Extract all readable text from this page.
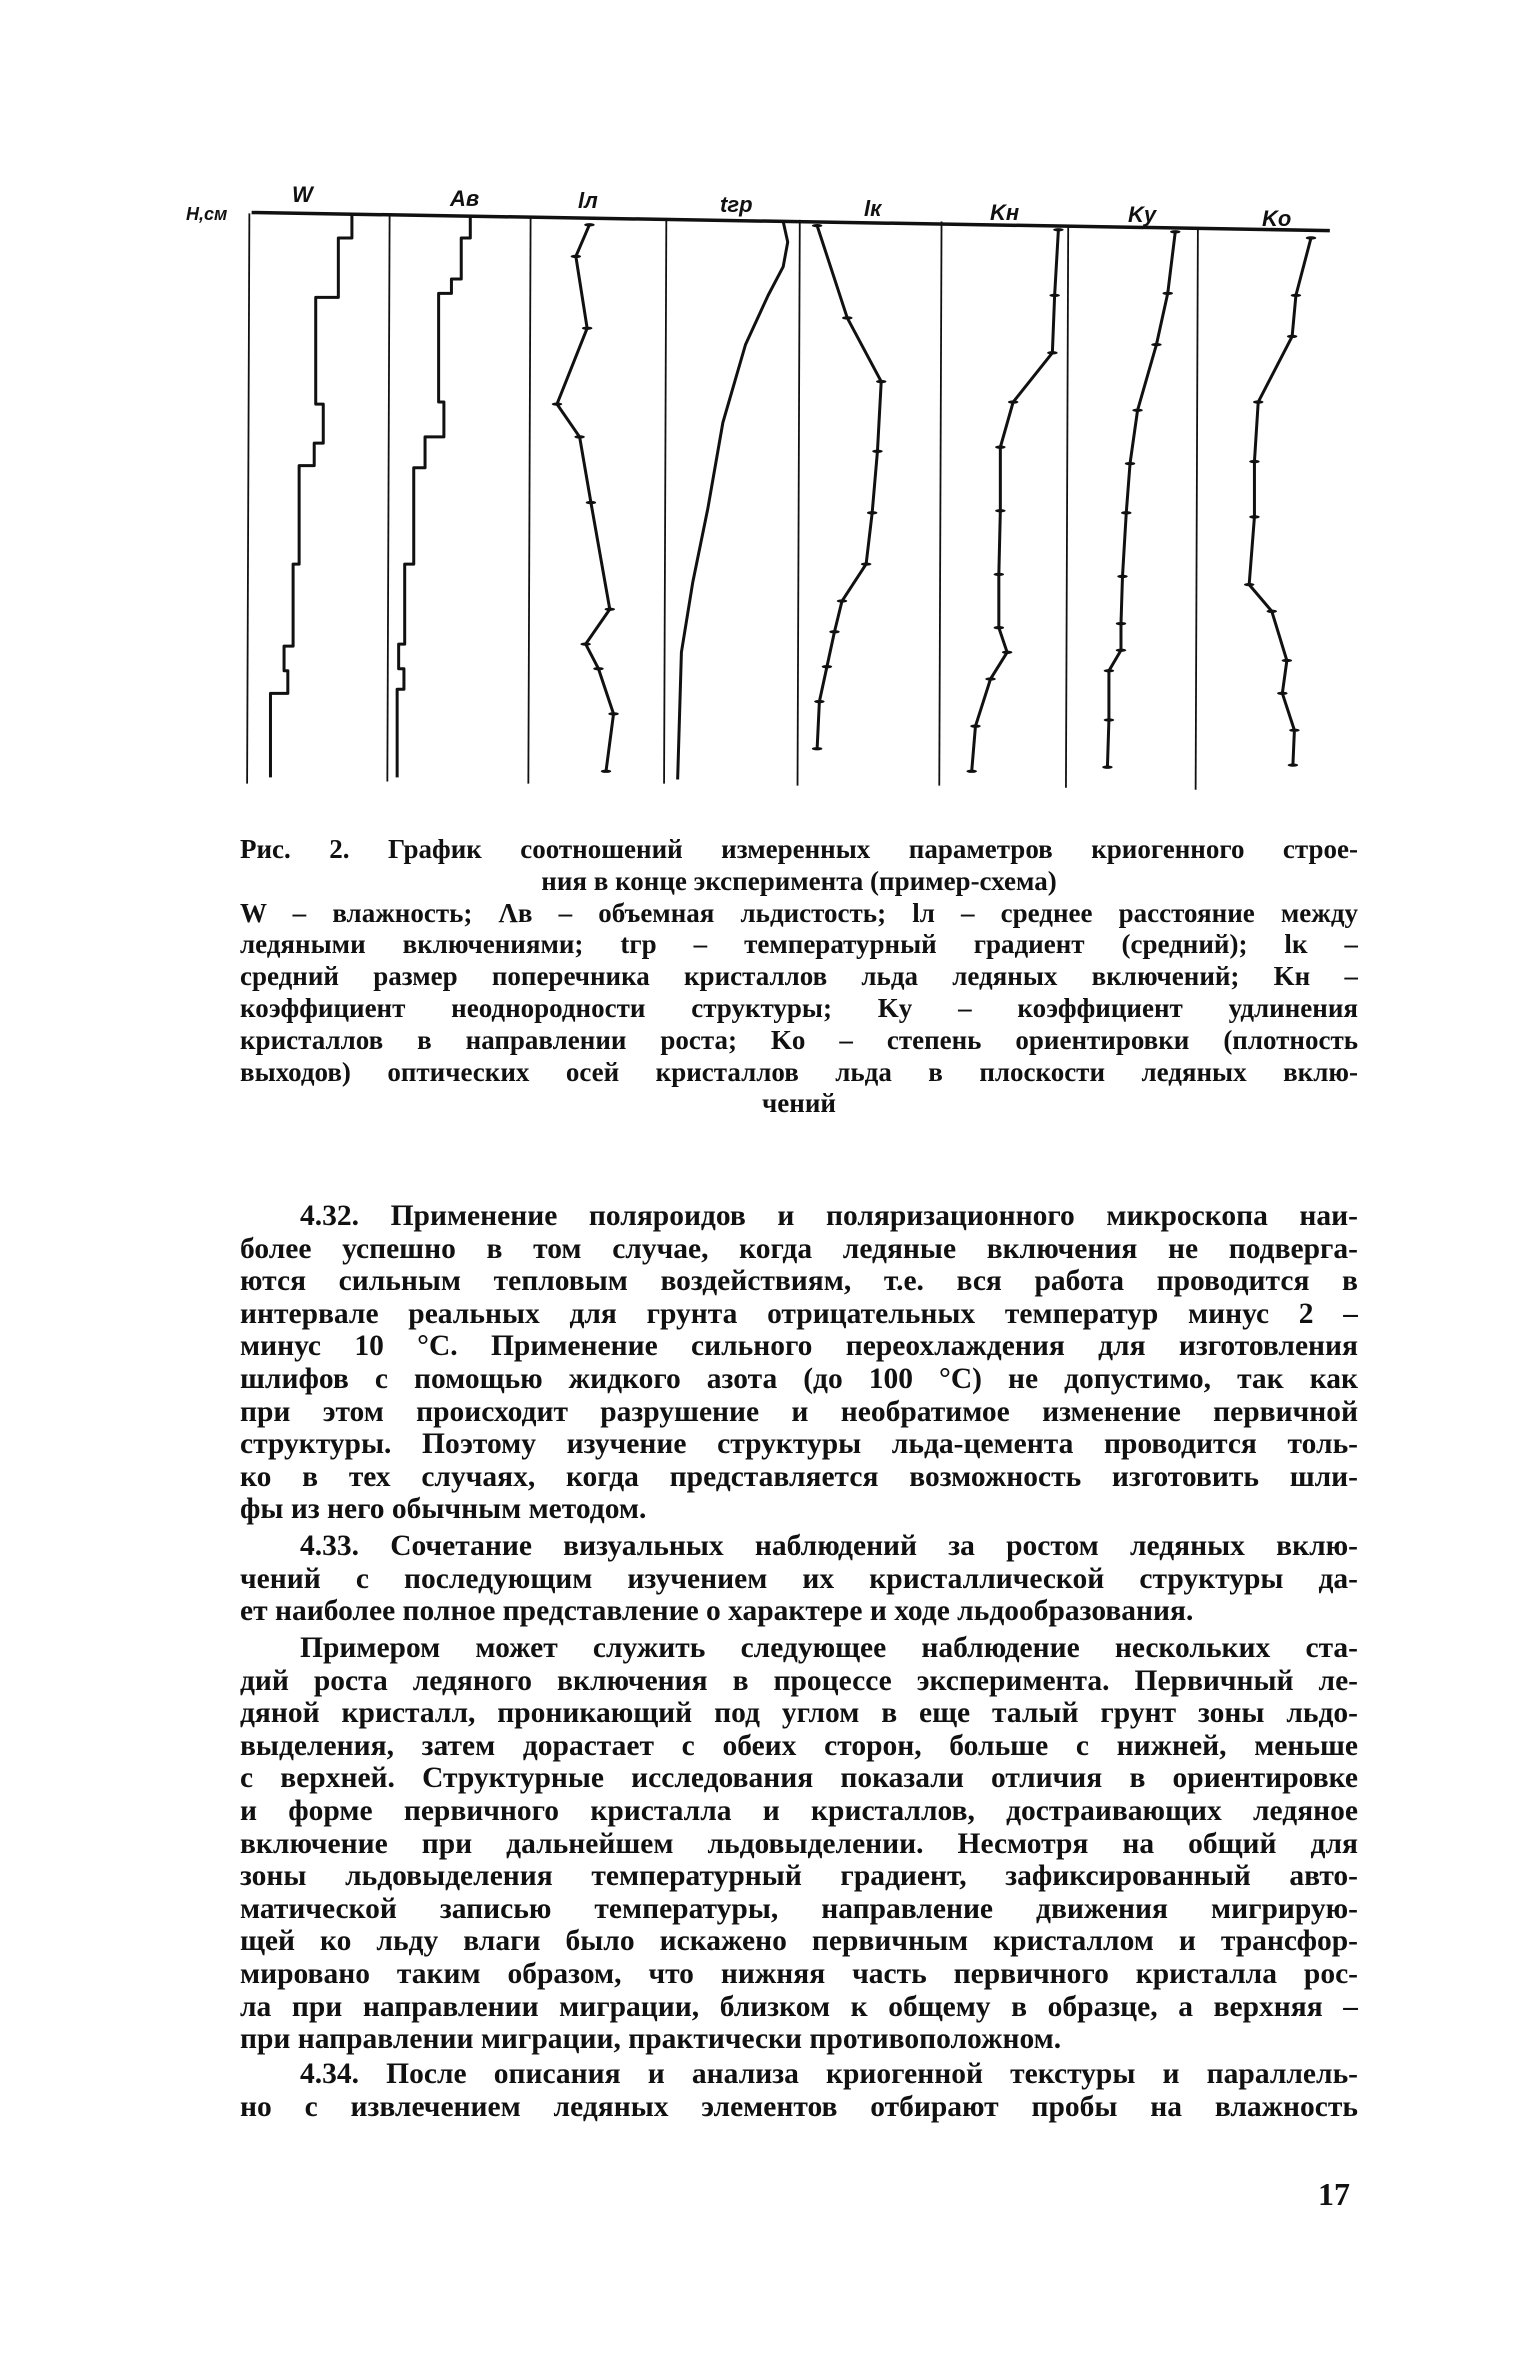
H,см
W	Aв	lл	tгр	lк	Kн	Kу	Kо
Рис. 2. График соотношений измеренных параметров криогенного строе-
ния в конце эксперимента (пример-схема)
W – влажность; Λв – объемная льдистость; lл – среднее расстояние между
ледяными включениями; tгр – температурный градиент (средний); lк –
средний размер поперечника кристаллов льда ледяных включений; Kн –
коэффициент неоднородности структуры; Kу – коэффициент удлинения
кристаллов в направлении роста; Kо – степень ориентировки (плотность
выходов) оптических осей кристаллов льда в плоскости ледяных вклю-
чений
4.32. Применение поляроидов и поляризационного микроскопа наи-
более успешно в том случае, когда ледяные включения не подверга-
ются сильным тепловым воздействиям, т.е. вся работа проводится в
интервале реальных для грунта отрицательных температур минус 2 –
минус 10 °С. Применение сильного переохлаждения для изготовления
шлифов с помощью жидкого азота (до 100 °С) не допустимо, так как
при этом происходит разрушение и необратимое изменение первичной
структуры. Поэтому изучение структуры льда-цемента проводится толь-
ко в тех случаях, когда представляется возможность изготовить шли-
фы из него обычным методом.
4.33. Сочетание визуальных наблюдений за ростом ледяных вклю-
чений с последующим изучением их кристаллической структуры да-
ет наиболее полное представление о характере и ходе льдообразования.
Примером может служить следующее наблюдение нескольких ста-
дий роста ледяного включения в процессе эксперимента. Первичный ле-
дяной кристалл, проникающий под углом в еще талый грунт зоны льдо-
выделения, затем дорастает с обеих сторон, больше с нижней, меньше
с верхней. Структурные исследования показали отличия в ориентировке
и форме первичного кристалла и кристаллов, достраивающих ледяное
включение при дальнейшем льдовыделении. Несмотря на общий для
зоны льдовыделения температурный градиент, зафиксированный авто-
матической записью температуры, направление движения мигрирую-
щей ко льду влаги было искажено первичным кристаллом и трансфор-
мировано таким образом, что нижняя часть первичного кристалла рос-
ла при направлении миграции, близком к общему в образце, а верхняя –
при направлении миграции, практически противоположном.
4.34. После описания и анализа криогенной текстуры и параллель-
но с извлечением ледяных элементов отбирают пробы на влажность
17
